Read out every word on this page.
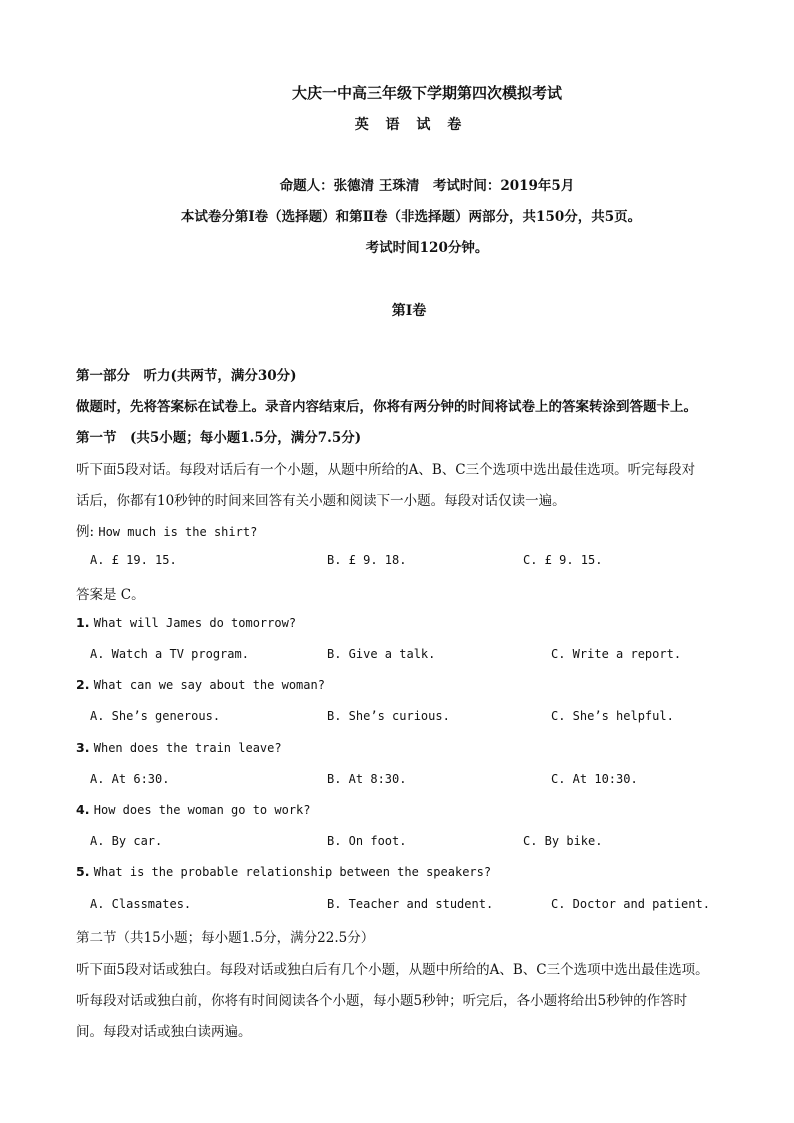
大庆一中高三年级下学期第四次模拟考试
英 语 试 卷
命题人：张德清 王珠清　考试时间：2019年5月
本试卷分第Ⅰ卷（选择题）和第Ⅱ卷（非选择题）两部分，共150分，共5页。
考试时间120分钟。
第Ⅰ卷
第一部分　听力(共两节，满分30分)
做题时，先将答案标在试卷上。录音内容结束后，你将有两分钟的时间将试卷上的答案转涂到答题卡上。
第一节　(共5小题；每小题1.5分，满分7.5分)
听下面5段对话。每段对话后有一个小题，从题中所给的A、B、C三个选项中选出最佳选项。听完每段对
话后，你都有10秒钟的时间来回答有关小题和阅读下一小题。每段对话仅读一遍。
例: How much is the shirt?
A. £ 19. 15.	B. £ 9. 18.	C. £ 9. 15.
答案是 C。
1. What will James do tomorrow?
A. Watch a TV program.	B. Give a talk.	C. Write a report.
2. What can we say about the woman?
A. She’s generous.	B. She’s curious.	C. She’s helpful.
3. When does the train leave?
A. At 6:30.	B. At 8:30.	C. At 10:30.
4. How does the woman go to work?
A. By car.	B. On foot.	C. By bike.
5. What is the probable relationship between the speakers?
A. Classmates.	B. Teacher and student.	C. Doctor and patient.
第二节（共15小题；每小题1.5分，满分22.5分）
听下面5段对话或独白。每段对话或独白后有几个小题，从题中所给的A、B、C三个选项中选出最佳选项。
听每段对话或独白前，你将有时间阅读各个小题，每小题5秒钟；听完后，各小题将给出5秒钟的作答时
间。每段对话或独白读两遍。
